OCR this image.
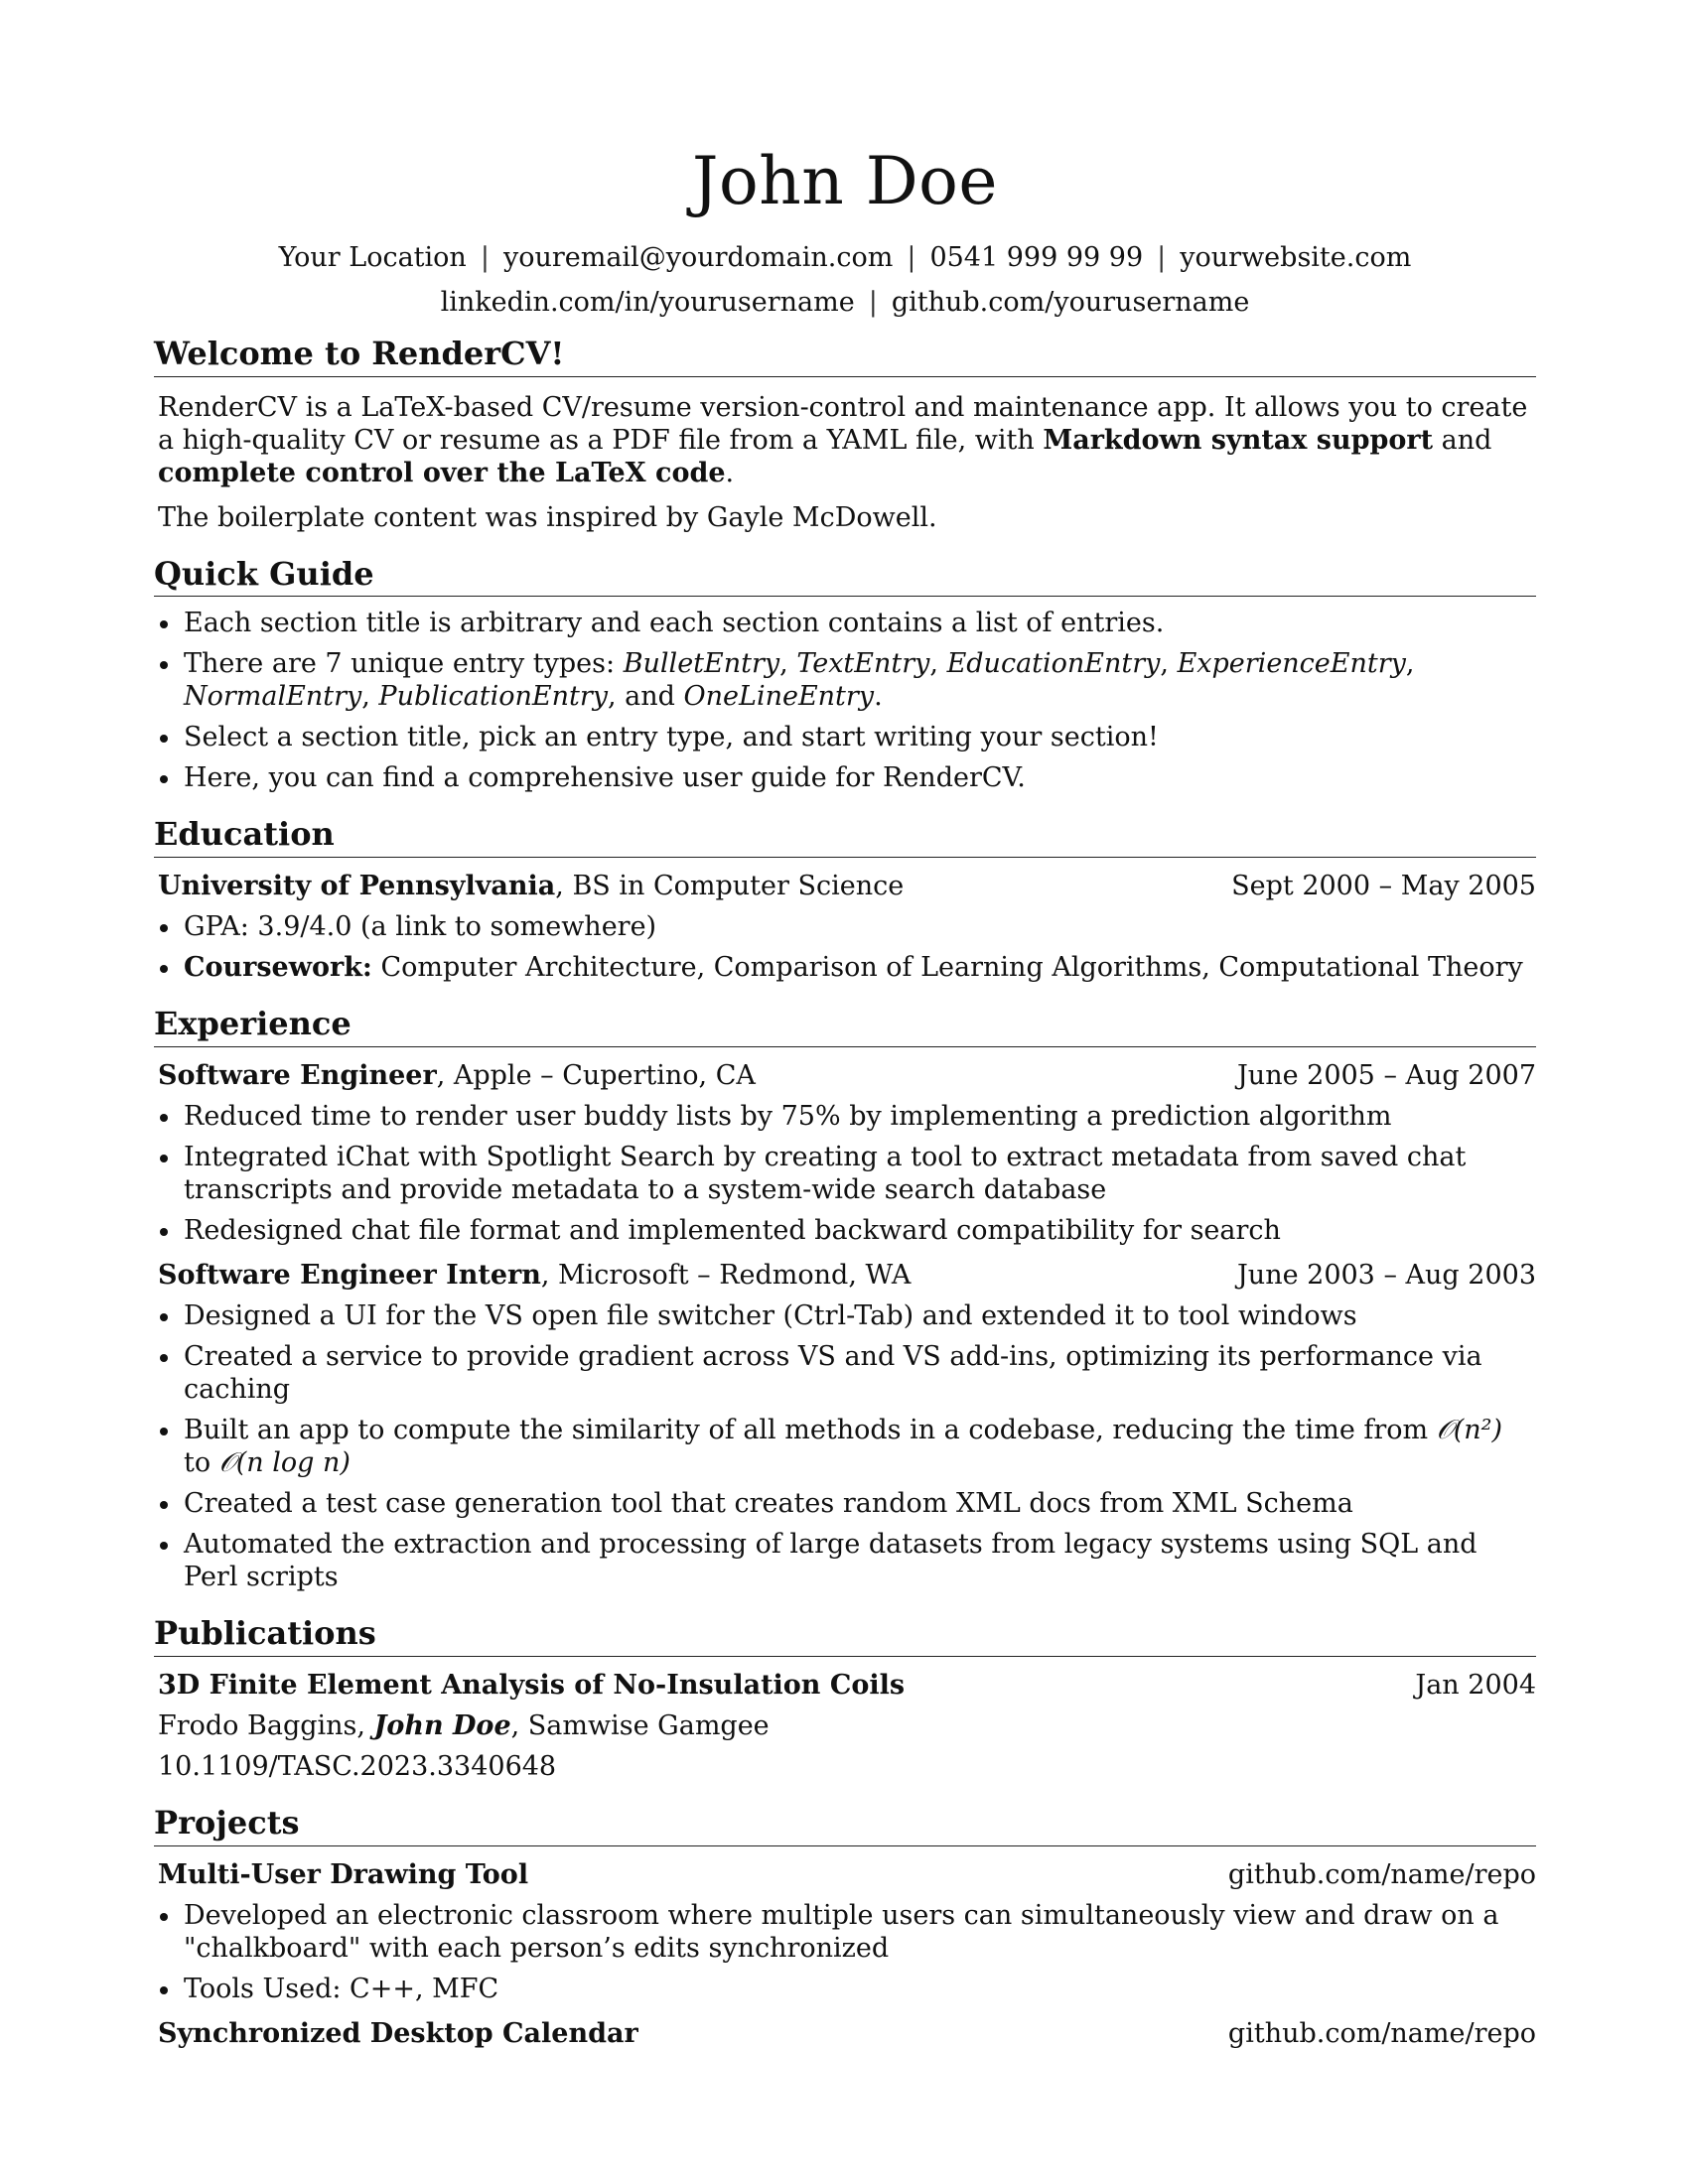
John Doe
Your Location | youremail@yourdomain.com | 0541 999 99 99 | yourwebsite.com
linkedin.com/in/yourusername | github.com/yourusername
Welcome to RenderCV!

RenderCV is a LaTeX-based CV/resume version-control and maintenance app. It allows you to create a high-quality CV or resume as a PDF file from a YAML file, with Markdown syntax support and complete control over the LaTeX code.

The boilerplate content was inspired by Gayle McDowell.

Quick Guide
Each section title is arbitrary and each section contains a list of entries.
There are 7 unique entry types: BulletEntry, TextEntry, EducationEntry, ExperienceEntry, NormalEntry, PublicationEntry, and OneLineEntry.
Select a section title, pick an entry type, and start writing your section!
Here, you can find a comprehensive user guide for RenderCV.
Education
University of Pennsylvania, BS in Computer Science	Sept 2000 – May 2005
GPA: 3.9/4.0 (a link to somewhere)
Coursework: Computer Architecture, Comparison of Learning Algorithms, Computational Theory
Experience
Software Engineer, Apple – Cupertino, CA	June 2005 – Aug 2007
Reduced time to render user buddy lists by 75% by implementing a prediction algorithm
Integrated iChat with Spotlight Search by creating a tool to extract metadata from saved chat transcripts and provide metadata to a system-wide search database
Redesigned chat file format and implemented backward compatibility for search
Software Engineer Intern, Microsoft – Redmond, WA	June 2003 – Aug 2003
Designed a UI for the VS open file switcher (Ctrl-Tab) and extended it to tool windows
Created a service to provide gradient across VS and VS add-ins, optimizing its performance via caching
Built an app to compute the similarity of all methods in a codebase, reducing the time from 𝒪(n²) to 𝒪(n log n)
Created a test case generation tool that creates random XML docs from XML Schema
Automated the extraction and processing of large datasets from legacy systems using SQL and Perl scripts
Publications
3D Finite Element Analysis of No-Insulation Coils	Jan 2004
Frodo Baggins, John Doe, Samwise Gamgee
10.1109/TASC.2023.3340648
Projects
Multi-User Drawing Tool	github.com/name/repo
Developed an electronic classroom where multiple users can simultaneously view and draw on a "chalkboard" with each person’s edits synchronized
Tools Used: C++, MFC
Synchronized Desktop Calendar	github.com/name/repo
